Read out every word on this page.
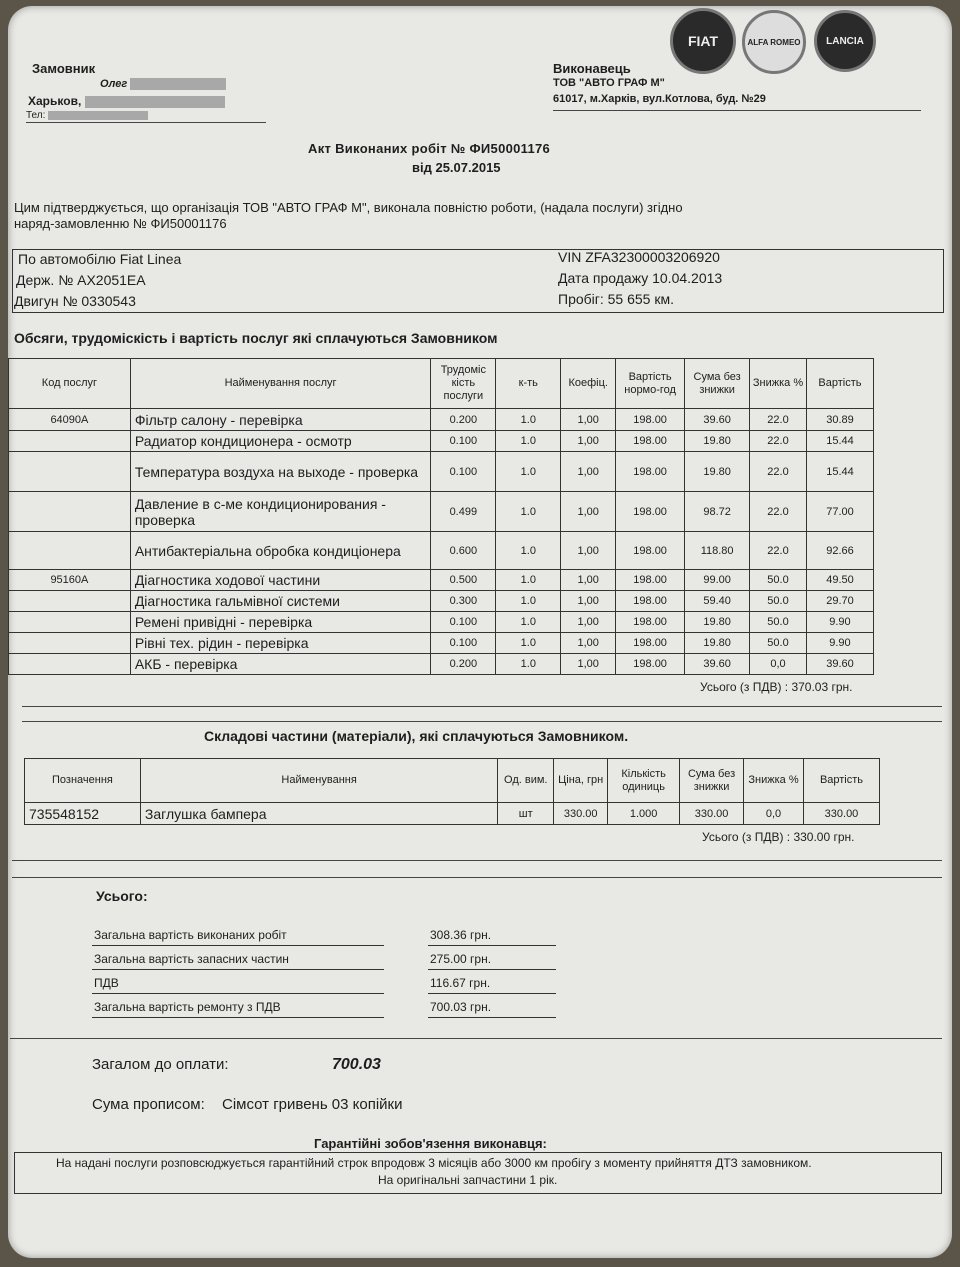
FIAT	ALFA ROMEO	LANCIA
Замовник
Олег
Харьков,
Тел:
Виконавець
ТОВ "АВТО ГРАФ М"
61017, м.Харків, вул.Котлова, буд. №29
Акт Виконаних робіт № ФИ50001176
від 25.07.2015
Цим підтверджується, що організація ТОВ "АВТО ГРАФ М", виконала повністю роботи, (надала послуги) згідно
наряд-замовленню № ФИ50001176
По автомобілю Fiat Linea
Держ. № АХ2051ЕА
Двигун № 0330543
VIN ZFA32300003206920
Дата продажу 10.04.2013
Пробіг: 55 655 км.
Обсяги, трудоміскість і вартість послуг які сплачуються Замовником
Код послуг	Найменування послуг	Трудоміс кість послуги	к-ть	Коефіц.	Вартість нормо-год	Сума без знижки	Знижка %	Вартість
64090A	Фільтр салону - перевірка	0.200	1.0	1,00	198.00	39.60	22.0	30.89
	Радиатор кондиционера - осмотр	0.100	1.0	1,00	198.00	19.80	22.0	15.44
	Температура воздуха на выходе - проверка	0.100	1.0	1,00	198.00	19.80	22.0	15.44
	Давление в с-ме кондиционирования - проверка	0.499	1.0	1,00	198.00	98.72	22.0	77.00
	Антибактеріальна обробка кондиціонера	0.600	1.0	1,00	198.00	118.80	22.0	92.66
95160A	Діагностика ходової частини	0.500	1.0	1,00	198.00	99.00	50.0	49.50
	Діагностика гальмівної системи	0.300	1.0	1,00	198.00	59.40	50.0	29.70
	Ремені привідні - перевірка	0.100	1.0	1,00	198.00	19.80	50.0	9.90
	Рівні тех. рідин - перевірка	0.100	1.0	1,00	198.00	19.80	50.0	9.90
	АКБ - перевірка	0.200	1.0	1,00	198.00	39.60	0,0	39.60
Усього (з ПДВ) : 370.03 грн.
Складові частини (матеріали), які сплачуються Замовником.
Позначення	Найменування	Од. вим.	Ціна, грн	Кількість одиниць	Сума без знижки	Знижка %	Вартість
735548152	Заглушка бампера	шт	330.00	1.000	330.00	0,0	330.00
Усього (з ПДВ) : 330.00 грн.
Усього:
Загальна вартість виконаних робіт	308.36 грн.
Загальна вартість запасних частин	275.00 грн.
ПДВ	116.67 грн.
Загальна вартість ремонту з ПДВ	700.03 грн.
Загалом до оплати:	700.03
Сума прописом: Сімсот гривень 03 копійки
Гарантійні зобов'язення виконавця:
На надані послуги розповсюджується гарантійний строк впродовж 3 місяців або 3000 км пробігу з моменту прийняття ДТЗ замовником.
На оригінальні запчастини 1 рік.
